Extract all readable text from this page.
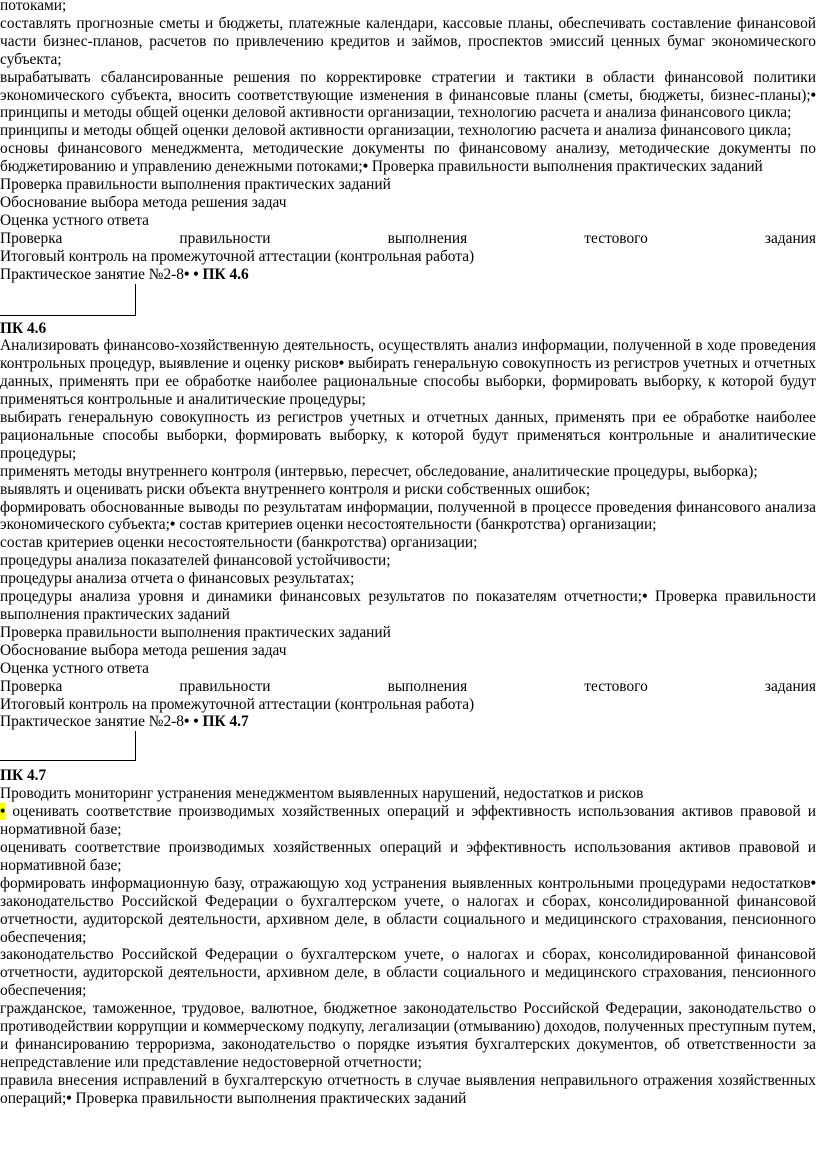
потоками;

составлять прогнозные сметы и бюджеты, платежные календари, кассовые планы, обеспечивать составление финансовой части бизнес-планов, расчетов по привлечению кредитов и займов, проспектов эмиссий ценных бумаг экономического субъекта;

вырабатывать сбалансированные решения по корректировке стратегии и тактики в области финансовой политики экономического субъекта, вносить соответствующие изменения в финансовые планы (сметы, бюджеты, бизнес-планы);• принципы и методы общей оценки деловой активности организации, технологию расчета и анализа финансового цикла;

принципы и методы общей оценки деловой активности организации, технологию расчета и анализа финансового цикла;

основы финансового менеджмента, методические документы по финансовому анализу, методические документы по бюджетированию и управлению денежными потоками;• Проверка правильности выполнения практических заданий

Проверка правильности выполнения практических заданий

Обоснование выбора метода решения задач

Оценка устного ответа

Проверка	правильности	выполнения	тестового	задания

Итоговый контроль на промежуточной аттестации (контрольная работа)

Практическое занятие №2-8• • ПК 4.6

ПК 4.6

Анализировать финансово-хозяйственную деятельность, осуществлять анализ информации, полученной в ходе проведения контрольных процедур, выявление и оценку рисков• выбирать генеральную совокупность из регистров учетных и отчетных данных, применять при ее обработке наиболее рациональные способы выборки, формировать выборку, к которой будут применяться контрольные и аналитические процедуры;

выбирать генеральную совокупность из регистров учетных и отчетных данных, применять при ее обработке наиболее рациональные способы выборки, формировать выборку, к которой будут применяться контрольные и аналитические процедуры;

применять методы внутреннего контроля (интервью, пересчет, обследование, аналитические процедуры, выборка);

выявлять и оценивать риски объекта внутреннего контроля и риски собственных ошибок;

формировать обоснованные выводы по результатам информации, полученной в процессе проведения финансового анализа экономического субъекта;• состав критериев оценки несостоятельности (банкротства) организации;

состав критериев оценки несостоятельности (банкротства) организации;

процедуры анализа показателей финансовой устойчивости;

процедуры анализа отчета о финансовых результатах;

процедуры анализа уровня и динамики финансовых результатов по показателям отчетности;• Проверка правильности выполнения практических заданий

Проверка правильности выполнения практических заданий

Обоснование выбора метода решения задач

Оценка устного ответа

Проверка	правильности	выполнения	тестового	задания

Итоговый контроль на промежуточной аттестации (контрольная работа)

Практическое занятие №2-8• • ПК 4.7

ПК 4.7

Проводить мониторинг устранения менеджментом выявленных нарушений, недостатков и рисков

• оценивать соответствие производимых хозяйственных операций и эффективность использования активов правовой и нормативной базе;

оценивать соответствие производимых хозяйственных операций и эффективность использования активов правовой и нормативной базе;

формировать информационную базу, отражающую ход устранения выявленных контрольными процедурами недостатков• законодательство Российской Федерации о бухгалтерском учете, о налогах и сборах, консолидированной финансовой отчетности, аудиторской деятельности, архивном деле, в области социального и медицинского страхования, пенсионного обеспечения;

законодательство Российской Федерации о бухгалтерском учете, о налогах и сборах, консолидированной финансовой отчетности, аудиторской деятельности, архивном деле, в области социального и медицинского страхования, пенсионного обеспечения;

гражданское, таможенное, трудовое, валютное, бюджетное законодательство Российской Федерации, законодательство о противодействии коррупции и коммерческому подкупу, легализации (отмыванию) доходов, полученных преступным путем, и финансированию терроризма, законодательство о порядке изъятия бухгалтерских документов, об ответственности за непредставление или представление недостоверной отчетности;

правила внесения исправлений в бухгалтерскую отчетность в случае выявления неправильного отражения хозяйственных операций;• Проверка правильности выполнения практических заданий
